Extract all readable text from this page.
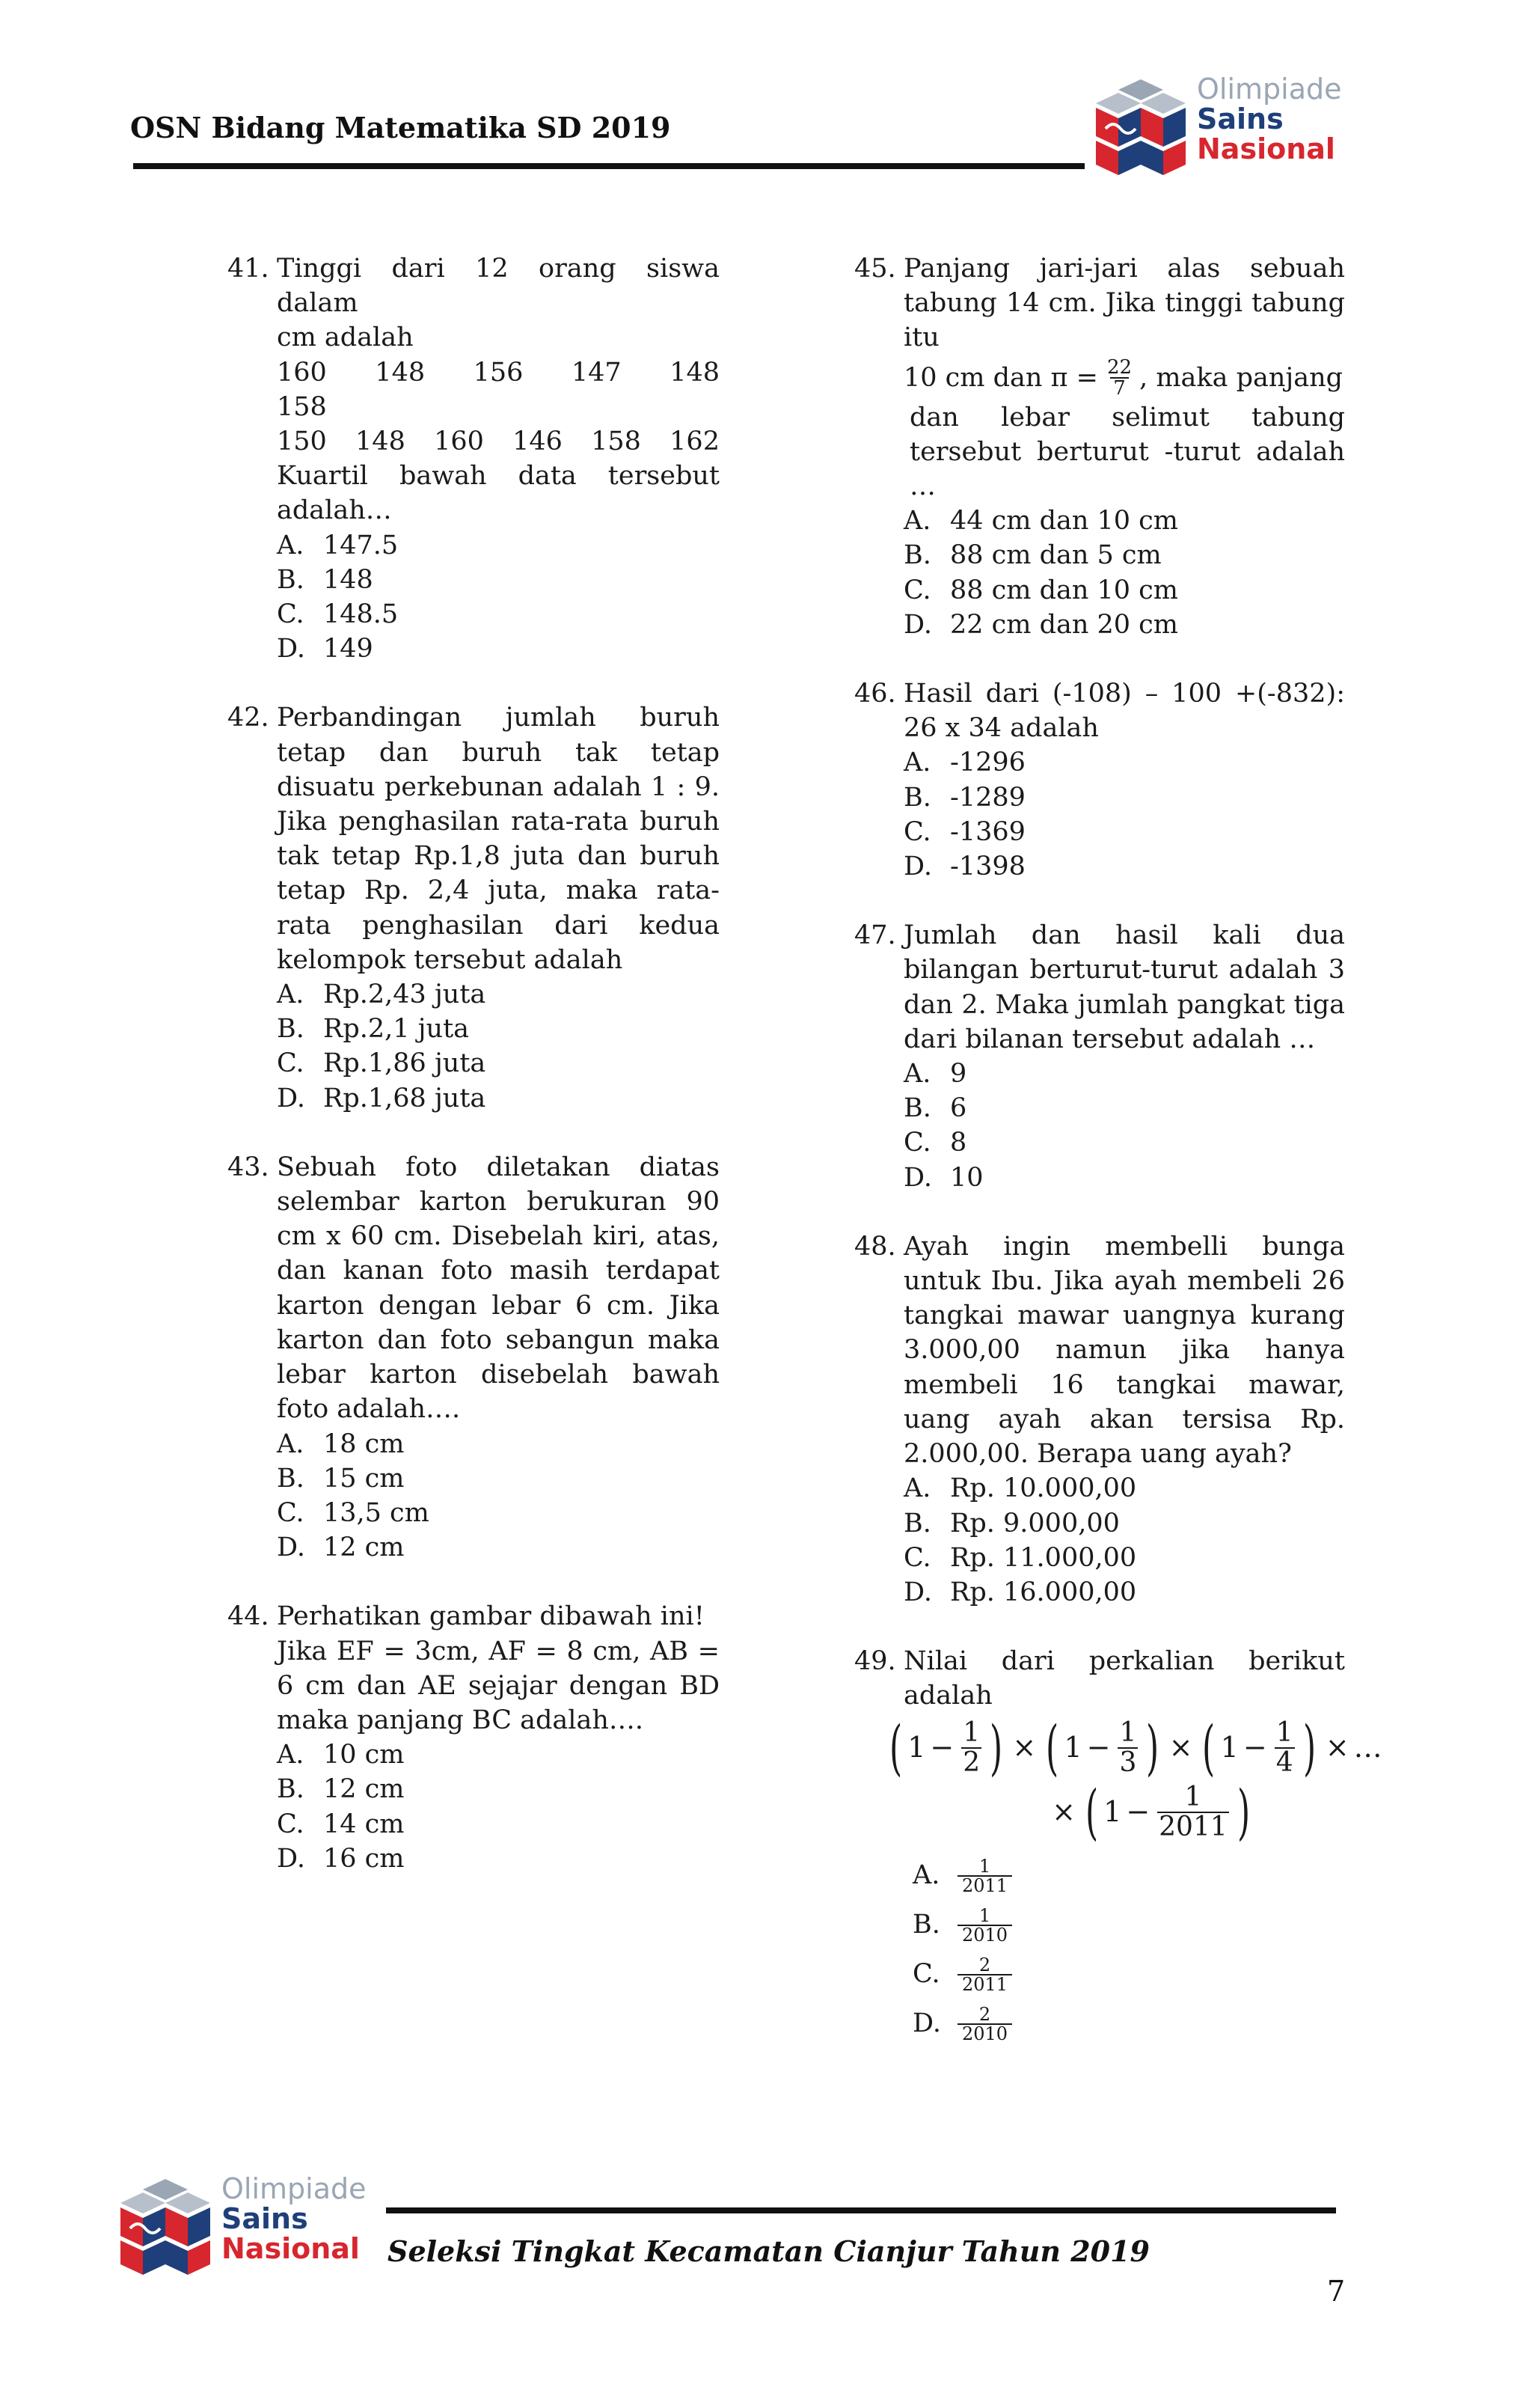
OSN Bidang Matematika SD 2019
Olimpiade
Sains
Nasional
41. Tinggi dari 12 orang siswa dalam
cm adalah
160 148 156 147 148
158
150 148 160 146 158 162
Kuartil bawah data tersebut
adalah…
A. 147.5
B. 148
C. 148.5
D. 149
42. Perbandingan jumlah buruh tetap dan buruh tak tetap disuatu perkebunan adalah 1 : 9. Jika penghasilan rata-rata buruh tak tetap Rp.1,8 juta dan buruh tetap Rp. 2,4 juta, maka rata-rata penghasilan dari kedua kelompok tersebut adalah
A. Rp.2,43 juta
B. Rp.2,1 juta
C. Rp.1,86 juta
D. Rp.1,68 juta
43. Sebuah foto diletakan diatas selembar karton berukuran 90 cm x 60 cm. Disebelah kiri, atas, dan kanan foto masih terdapat karton dengan lebar 6 cm. Jika karton dan foto sebangun maka lebar karton disebelah bawah foto adalah….
A. 18 cm
B. 15 cm
C. 13,5 cm
D. 12 cm
44. Perhatikan gambar dibawah ini!
Jika EF = 3cm, AF = 8 cm, AB = 6 cm dan AE sejajar dengan BD maka panjang BC adalah….
A. 10 cm
B. 12 cm
C. 14 cm
D. 16 cm
45. Panjang jari-jari alas sebuah tabung 14 cm. Jika tinggi tabung itu
10 cm dan $\pi = \frac{22}{7}$ , maka panjang
dan lebar selimut tabung tersebut berturut -turut adalah …
A. 44 cm dan 10 cm
B. 88 cm dan 5 cm
C. 88 cm dan 10 cm
D. 22 cm dan 20 cm
46. Hasil dari (-108) – 100 +(-832): 26 x 34 adalah
A. -1296
B. -1289
C. -1369
D. -1398
47. Jumlah dan hasil kali dua bilangan berturut-turut adalah 3 dan 2. Maka jumlah pangkat tiga dari bilanan tersebut adalah …
A. 9
B. 6
C. 8
D. 10
48. Ayah ingin membelli bunga untuk Ibu. Jika ayah membeli 26 tangkai mawar uangnya kurang 3.000,00 namun jika hanya membeli 16 tangkai mawar, uang ayah akan tersisa Rp. 2.000,00. Berapa uang ayah?
A. Rp. 10.000,00
B. Rp. 9.000,00
C. Rp. 11.000,00
D. Rp. 16.000,00
49. Nilai dari perkalian berikut adalah
( $1 - \frac{1}{2}$ ) × ( $1 - \frac{1}{3}$ ) × ( $1 - \frac{1}{4}$ ) × …
× ( $1 - \frac{1}{2011}$ )
A. $\frac{1}{2011}$
B. $\frac{1}{2010}$
C. $\frac{2}{2011}$
D. $\frac{2}{2010}$
Olimpiade
Sains
Nasional Seleksi Tingkat Kecamatan Cianjur Tahun 2019
7
